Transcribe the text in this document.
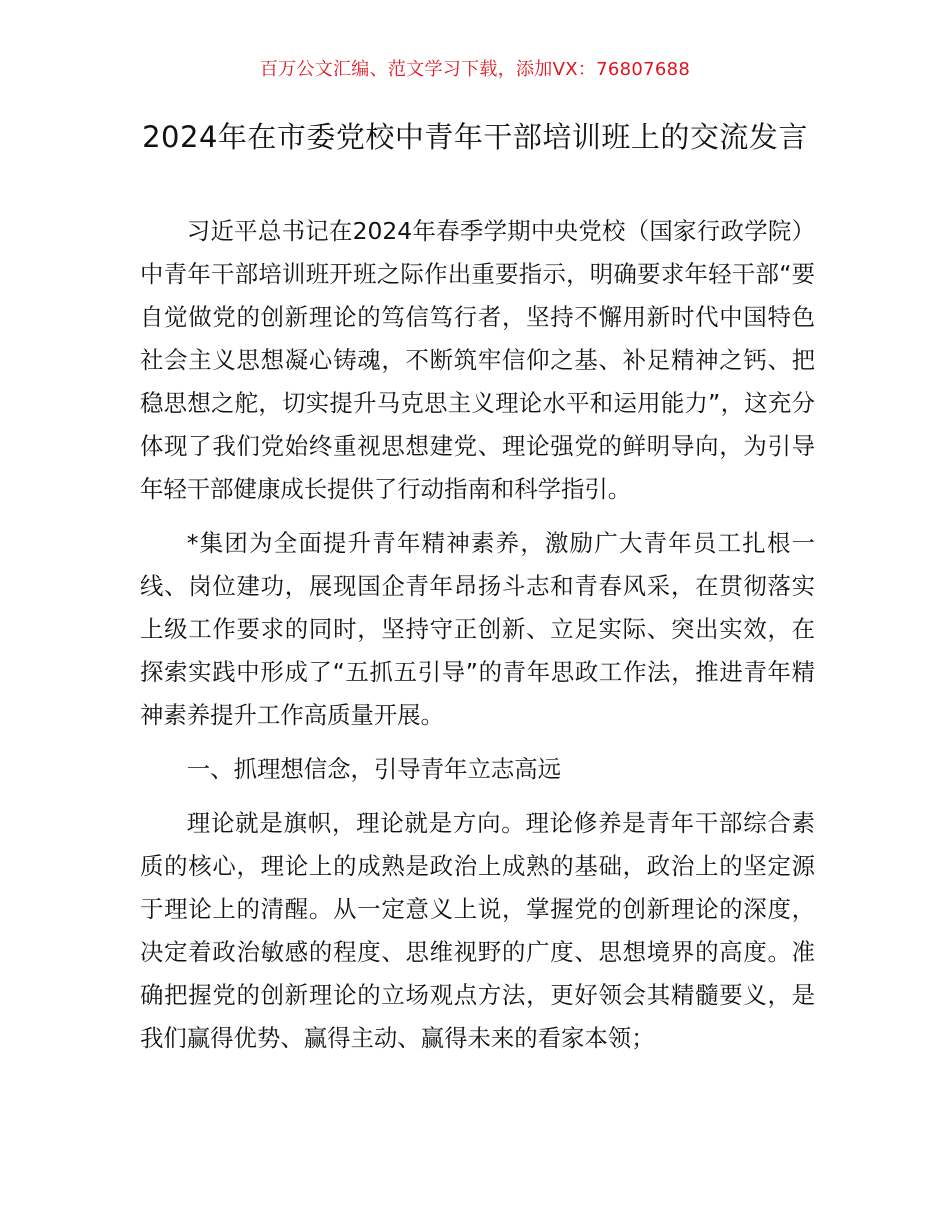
百万公文汇编、范文学习下载，添加VX：76807688
2024年在市委党校中青年干部培训班上的交流发言

习近平总书记在2024年春季学期中央党校（国家行政学院）中青年干部培训班开班之际作出重要指示，明确要求年轻干部“要自觉做党的创新理论的笃信笃行者，坚持不懈用新时代中国特色社会主义思想凝心铸魂，不断筑牢信仰之基、补足精神之钙、把稳思想之舵，切实提升马克思主义理论水平和运用能力”，这充分体现了我们党始终重视思想建党、理论强党的鲜明导向，为引导年轻干部健康成长提供了行动指南和科学指引。

*集团为全面提升青年精神素养，激励广大青年员工扎根一线、岗位建功，展现国企青年昂扬斗志和青春风采，在贯彻落实上级工作要求的同时，坚持守正创新、立足实际、突出实效，在探索实践中形成了“五抓五引导”的青年思政工作法，推进青年精神素养提升工作高质量开展。

一、抓理想信念，引导青年立志高远

理论就是旗帜，理论就是方向。理论修养是青年干部综合素质的核心，理论上的成熟是政治上成熟的基础，政治上的坚定源于理论上的清醒。从一定意义上说，掌握党的创新理论的深度，决定着政治敏感的程度、思维视野的广度、思想境界的高度。准确把握党的创新理论的立场观点方法，更好领会其精髓要义，是我们赢得优势、赢得主动、赢得未来的看家本领；
